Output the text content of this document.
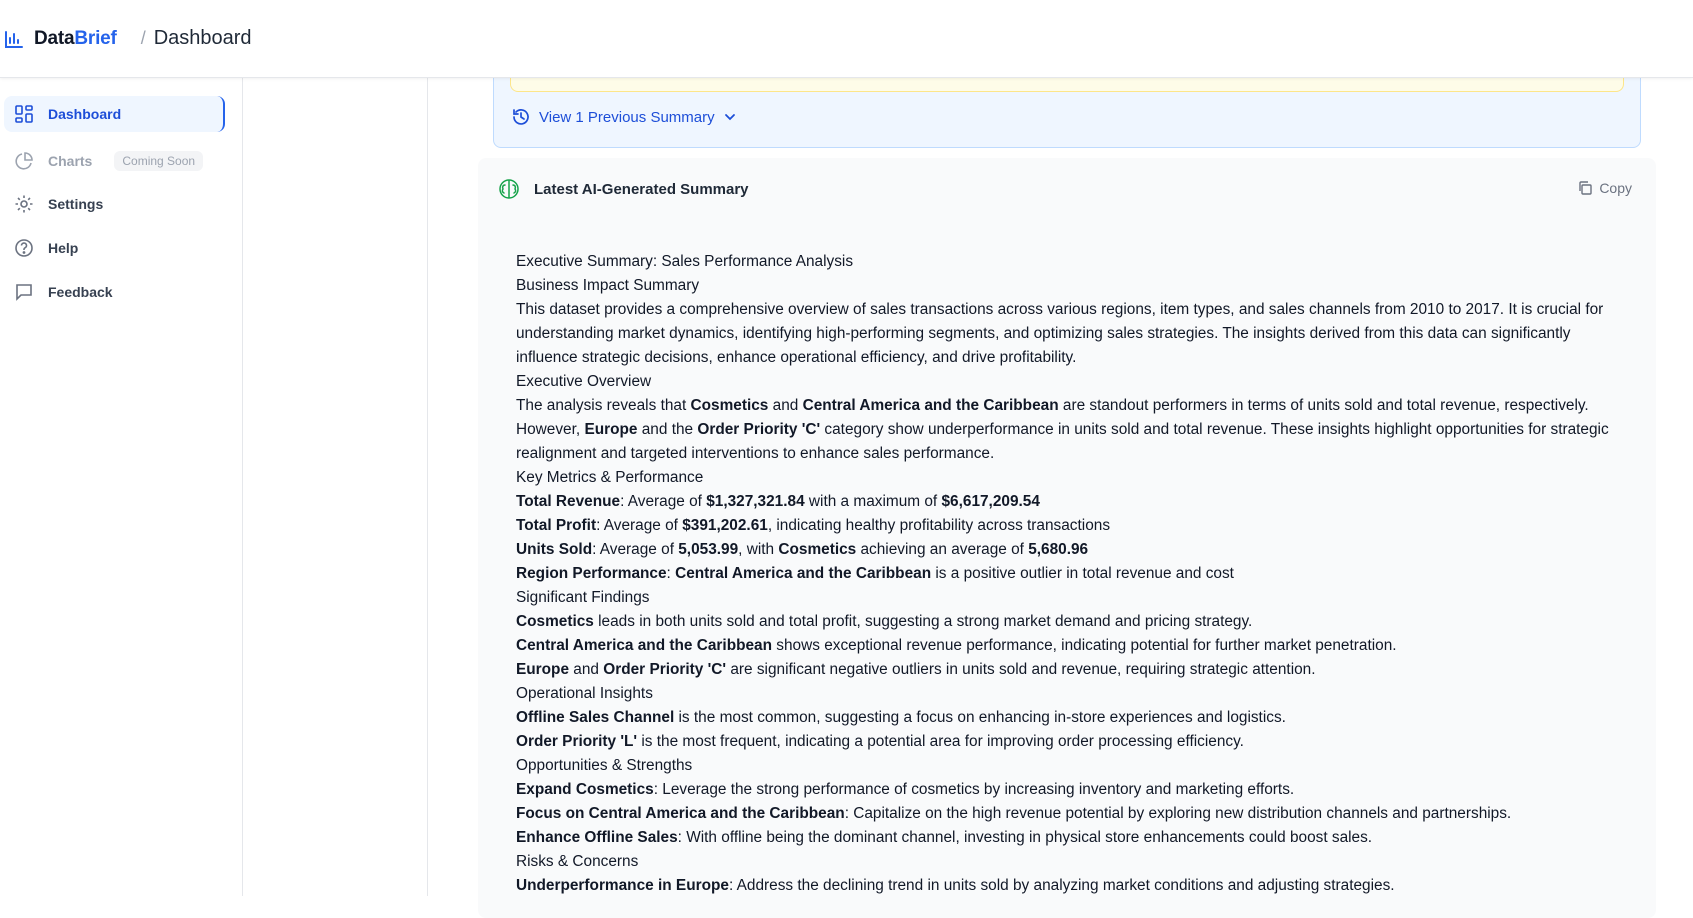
DataBrief / Dashboard
Dashboard
Charts	Coming Soon
Settings
Help
Feedback
View 1 Previous Summary
Latest AI-Generated Summary	Copy

Executive Summary: Sales Performance Analysis

Business Impact Summary

This dataset provides a comprehensive overview of sales transactions across various regions, item types, and sales channels from 2010 to 2017. It is crucial for understanding market dynamics, identifying high-performing segments, and optimizing sales strategies. The insights derived from this data can significantly influence strategic decisions, enhance operational efficiency, and drive profitability.

Executive Overview

The analysis reveals that Cosmetics and Central America and the Caribbean are standout performers in terms of units sold and total revenue, respectively. However, Europe and the Order Priority 'C' category show underperformance in units sold and total revenue. These insights highlight opportunities for strategic realignment and targeted interventions to enhance sales performance.

Key Metrics & Performance

Total Revenue: Average of $1,327,321.84 with a maximum of $6,617,209.54

Total Profit: Average of $391,202.61, indicating healthy profitability across transactions

Units Sold: Average of 5,053.99, with Cosmetics achieving an average of 5,680.96

Region Performance: Central America and the Caribbean is a positive outlier in total revenue and cost

Significant Findings

Cosmetics leads in both units sold and total profit, suggesting a strong market demand and pricing strategy.

Central America and the Caribbean shows exceptional revenue performance, indicating potential for further market penetration.

Europe and Order Priority 'C' are significant negative outliers in units sold and revenue, requiring strategic attention.

Operational Insights

Offline Sales Channel is the most common, suggesting a focus on enhancing in-store experiences and logistics.

Order Priority 'L' is the most frequent, indicating a potential area for improving order processing efficiency.

Opportunities & Strengths

Expand Cosmetics: Leverage the strong performance of cosmetics by increasing inventory and marketing efforts.

Focus on Central America and the Caribbean: Capitalize on the high revenue potential by exploring new distribution channels and partnerships.

Enhance Offline Sales: With offline being the dominant channel, investing in physical store enhancements could boost sales.

Risks & Concerns

Underperformance in Europe: Address the declining trend in units sold by analyzing market conditions and adjusting strategies.
